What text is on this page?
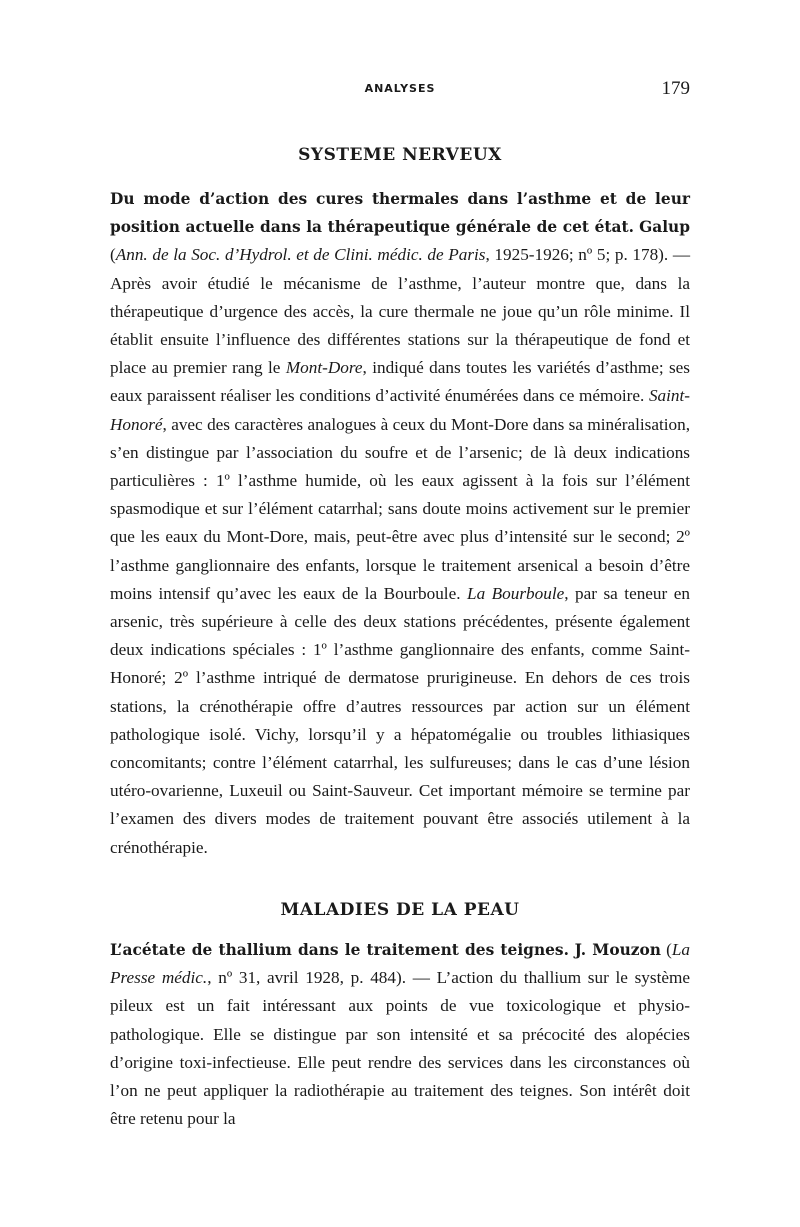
ANALYSES	179
SYSTEME NERVEUX

Du mode d’action des cures thermales dans l’asthme et de leur position actuelle dans la thérapeutique générale de cet état. Galup (Ann. de la Soc. d’Hydrol. et de Clini. médic. de Paris, 1925-1926; nº 5; p. 178). — Après avoir étudié le mécanisme de l’asthme, l’auteur montre que, dans la thérapeutique d’urgence des accès, la cure thermale ne joue qu’un rôle minime. Il établit ensuite l’influence des différentes stations sur la thérapeutique de fond et place au premier rang le Mont-Dore, indiqué dans toutes les variétés d’asthme; ses eaux paraissent réaliser les conditions d’activité énumérées dans ce mémoire. Saint-Honoré, avec des caractères analogues à ceux du Mont-Dore dans sa minéralisation, s’en distingue par l’association du soufre et de l’arsenic; de là deux indications particulières : 1º l’asthme humide, où les eaux agissent à la fois sur l’élément spasmodique et sur l’élément catarrhal; sans doute moins activement sur le premier que les eaux du Mont-Dore, mais, peut-être avec plus d’intensité sur le second; 2º l’asthme ganglionnaire des enfants, lorsque le traitement arsenical a besoin d’être moins intensif qu’avec les eaux de la Bourboule. La Bourboule, par sa teneur en arsenic, très supérieure à celle des deux stations précédentes, présente également deux indications spéciales : 1º l’asthme ganglionnaire des enfants, comme Saint-Honoré; 2º l’asthme intriqué de dermatose prurigineuse. En dehors de ces trois stations, la crénothérapie offre d’autres ressources par action sur un élément pathologique isolé. Vichy, lorsqu’il y a hépatomégalie ou troubles lithiasiques concomitants; contre l’élément catarrhal, les sulfureuses; dans le cas d’une lésion utéro-ovarienne, Luxeuil ou Saint-Sauveur. Cet important mémoire se termine par l’examen des divers modes de traitement pouvant être associés utilement à la crénothérapie.

MALADIES DE LA PEAU

L’acétate de thallium dans le traitement des teignes. J. Mouzon (La Presse médic., nº 31, avril 1928, p. 484). — L’action du thallium sur le système pileux est un fait intéressant aux points de vue toxicologique et physio-pathologique. Elle se distingue par son intensité et sa précocité des alopécies d’origine toxi-infectieuse. Elle peut rendre des services dans les circonstances où l’on ne peut appliquer la radiothérapie au traitement des teignes. Son intérêt doit être retenu pour la
